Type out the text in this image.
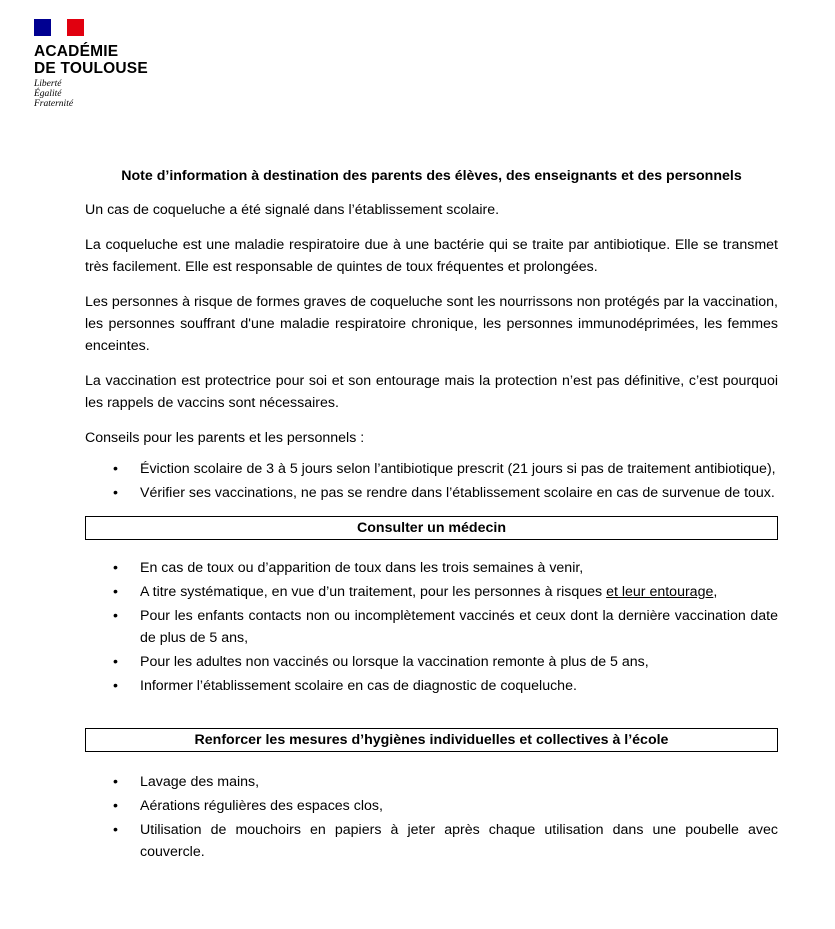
ACADÉMIE
DE TOULOUSE
Liberté
Égalité
Fraternité
Note d’information à destination des parents des élèves, des enseignants et des personnels

Un cas de coqueluche a été signalé dans l’établissement scolaire.

La coqueluche est une maladie respiratoire due à une bactérie qui se traite par antibiotique. Elle se transmet très facilement. Elle est responsable de quintes de toux fréquentes et prolongées.

Les personnes à risque de formes graves de coqueluche sont les nourrissons non protégés par la vaccination, les personnes souffrant d'une maladie respiratoire chronique, les personnes immunodéprimées, les femmes enceintes.

La vaccination est protectrice pour soi et son entourage mais la protection n’est pas définitive, c’est pourquoi les rappels de vaccins sont nécessaires.

Conseils pour les parents et les personnels :

• Éviction scolaire de 3 à 5 jours selon l’antibiotique prescrit (21 jours si pas de traitement antibiotique),
• Vérifier ses vaccinations, ne pas se rendre dans l’établissement scolaire en cas de survenue de toux.
Consulter un médecin
• En cas de toux ou d’apparition de toux dans les trois semaines à venir,
• A titre systématique, en vue d’un traitement, pour les personnes à risques et leur entourage,
• Pour les enfants contacts non ou incomplètement vaccinés et ceux dont la dernière vaccination date de plus de 5 ans,
• Pour les adultes non vaccinés ou lorsque la vaccination remonte à plus de 5 ans,
• Informer l’établissement scolaire en cas de diagnostic de coqueluche.
Renforcer les mesures d’hygiènes individuelles et collectives à l’école
• Lavage des mains,
• Aérations régulières des espaces clos,
• Utilisation de mouchoirs en papiers à jeter après chaque utilisation dans une poubelle avec couvercle.
